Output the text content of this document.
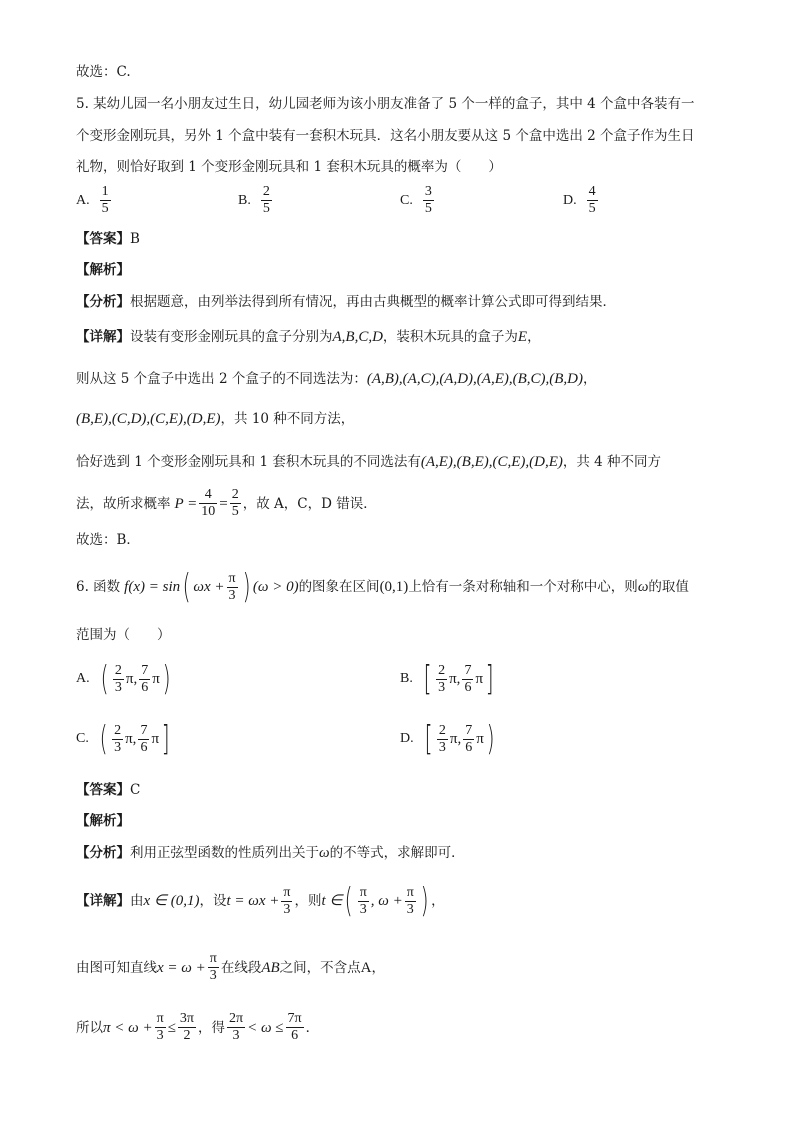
故选：C.
5. 某幼儿园一名小朋友过生日，幼儿园老师为该小朋友准备了 5 个一样的盒子，其中 4 个盒中各装有一
个变形金刚玩具，另外 1 个盒中装有一套积木玩具．这名小朋友要从这 5 个盒中选出 2 个盒子作为生日
礼物，则恰好取到 1 个变形金刚玩具和 1 套积木玩具的概率为（　　）
A. $\frac{1}{5}$	B. $\frac{2}{5}$	C. $\frac{3}{5}$	D. $\frac{4}{5}$
【答案】B
【解析】
【分析】根据题意，由列举法得到所有情况，再由古典概型的概率计算公式即可得到结果．
【详解】设装有变形金刚玩具的盒子分别为A,B,C,D，装积木玩具的盒子为E，
则从这 5 个盒子中选出 2 个盒子的不同选法为：(A,B),(A,C),(A,D),(A,E),(B,C),(B,D)，
(B,E),(C,D),(C,E),(D,E)，共 10 种不同方法，
恰好选到 1 个变形金刚玩具和 1 套积木玩具的不同选法有(A,E),(B,E),(C,E),(D,E)，共 4 种不同方
法，故所求概率 $P = \frac{4}{10} = \frac{2}{5}$ ，故 A，C，D 错误．
故选：B．
6. 函数 f(x) = sin ( $\omega x + \frac{\pi}{3}$ ) (ω > 0) 的图象在区间 (0,1) 上恰有一条对称轴和一个对称中心，则 ω 的取值
范围为（　　）
A. ( $\frac{2}{3} \pi$, $\frac{7}{6}$ π )	B. [ $\frac{2}{3} \pi$, $\frac{7}{6}$ π ]
C. ( $\frac{2}{3} \pi$, $\frac{7}{6}$ π ]	D. [ $\frac{2}{3} \pi$, $\frac{7}{6}$ π )
【答案】C
【解析】
【分析】利用正弦型函数的性质列出关于ω的不等式，求解即可．
【详解】 由 x ∈ (0,1) ，设 $t = \omega x + \frac{\pi}{3}$ ，则 t ∈ ( $\frac{\pi}{3}$ , $\omega + \frac{\pi}{3}$ ) ，
由图可知直线 $x = \omega + \frac{\pi}{3}$ 在线段 AB 之间，不含点 A ，
所以 $\pi < \omega + \frac{\pi}{3} \le \frac{3\pi}{2}$ ，得 $\frac{2\pi}{3} < \omega \le \frac{7\pi}{6}$ ．
